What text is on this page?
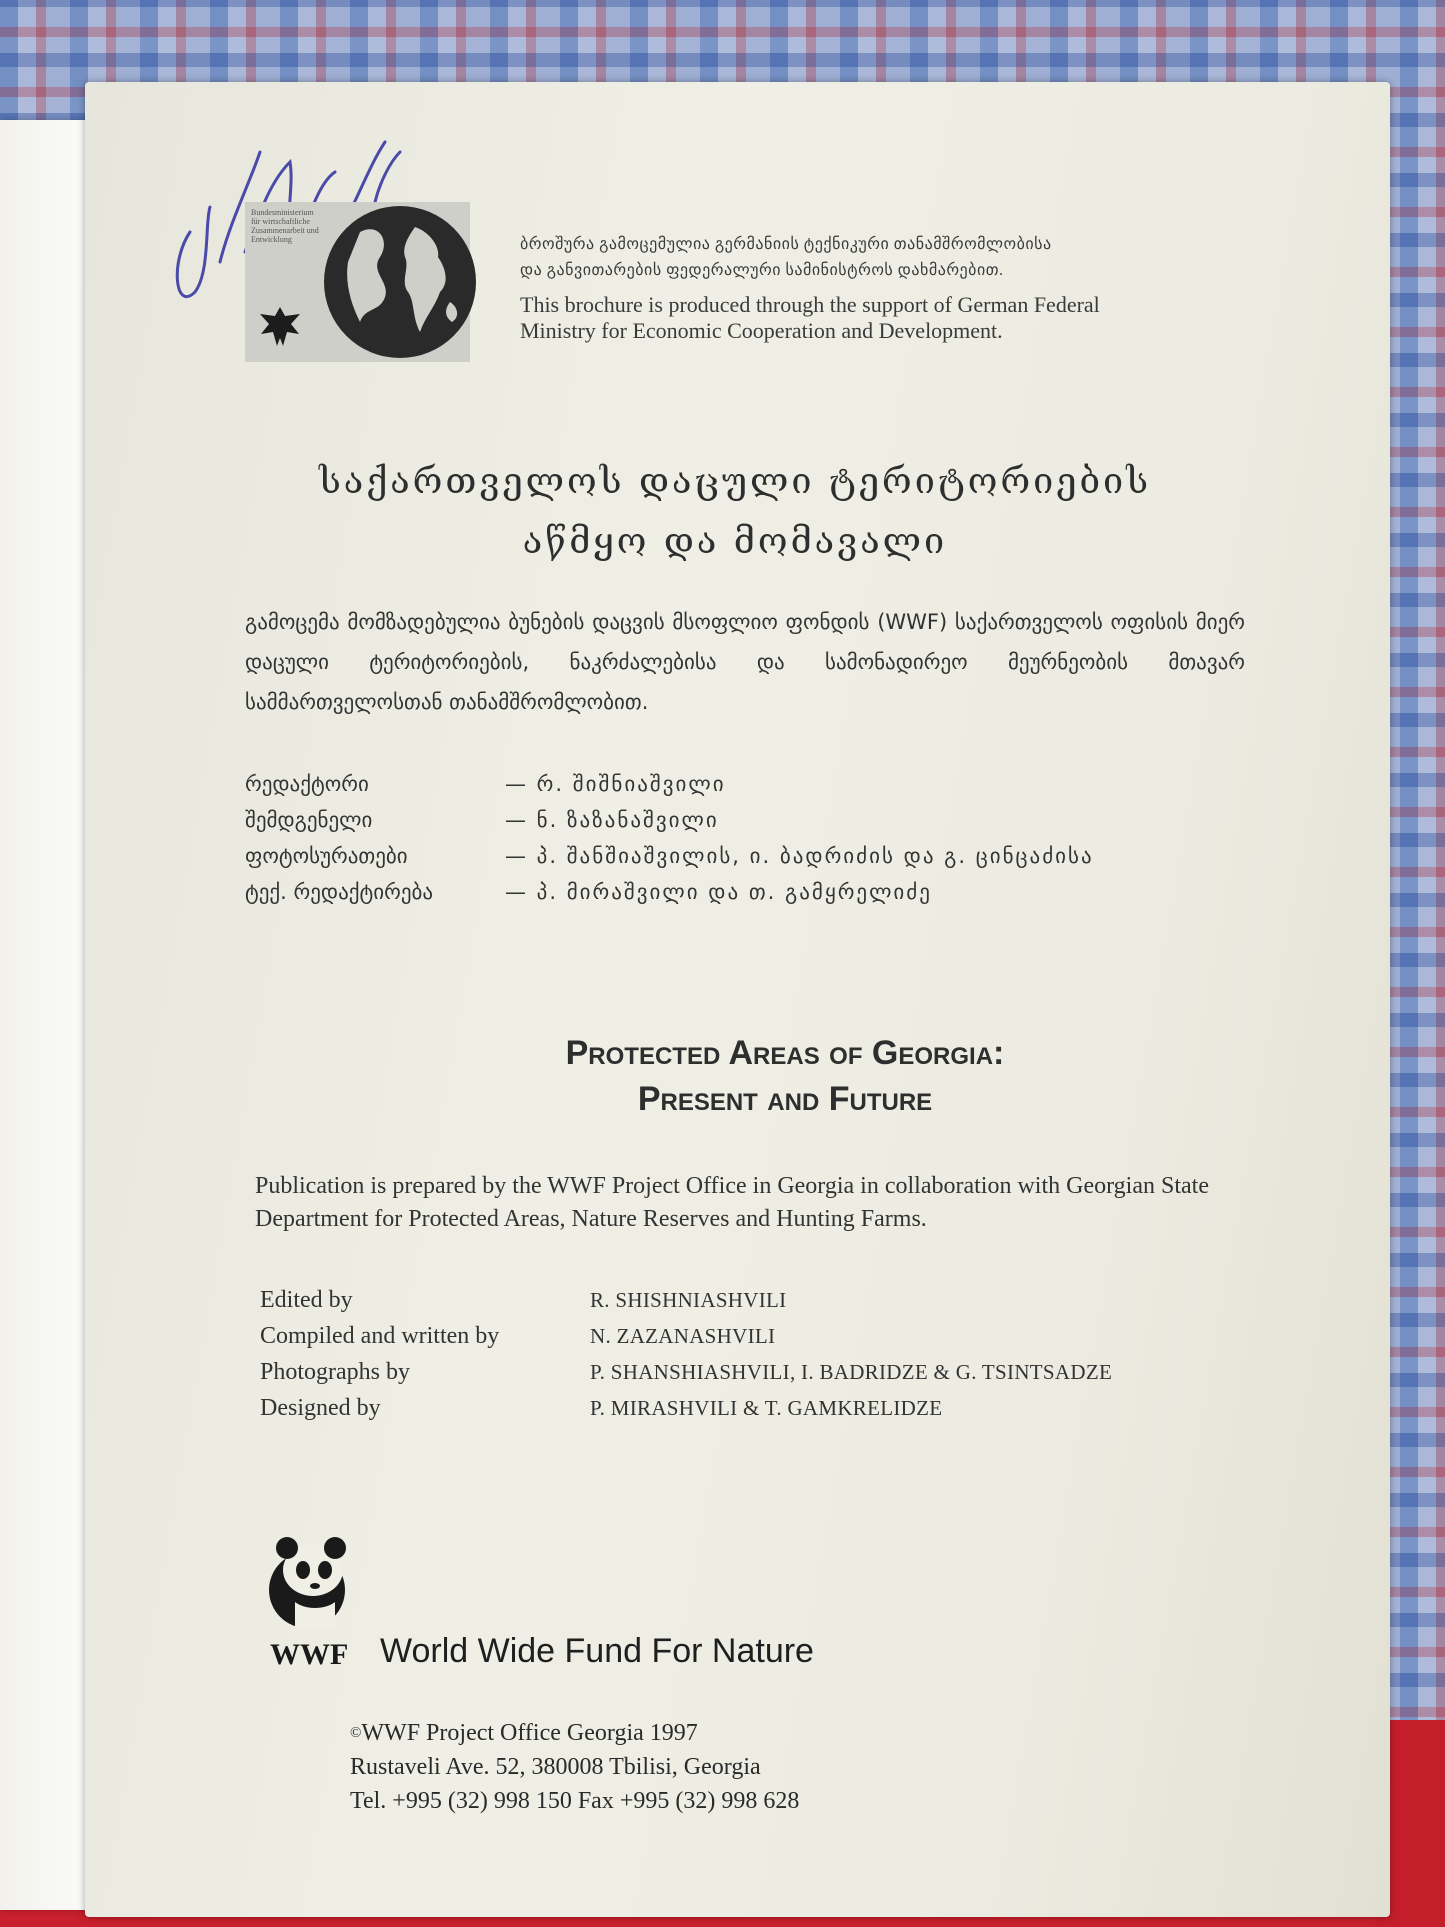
Bundesministerium für wirtschaftliche Zusammenarbeit und Entwicklung	ბროშურა გამოცემულია გერმანიის ტექნიკური თანამშრომლობისა
და განვითარების ფედერალური სამინისტროს დახმარებით.
This brochure is produced through the support of German Federal
Ministry for Economic Cooperation and Development.
საქართველოს დაცული ტერიტორიების
აწმყო და მომავალი
გამოცემა მომზადებულია ბუნების დაცვის მსოფლიო ფონდის (WWF) საქართველოს ოფისის მიერ დაცული ტერიტორიების, ნაკრძალებისა და სამონადირეო მეურნეობის მთავარ სამმართველოსთან თანამშრომლობით.
რედაქტორი	— რ. შიშნიაშვილი
შემდგენელი	— ნ. ზაზანაშვილი
ფოტოსურათები	— პ. შანშიაშვილის, ი. ბადრიძის და გ. ცინცაძისა
ტექ. რედაქტირება	— პ. მირაშვილი და თ. გამყრელიძე
Protected Areas of Georgia:
Present and Future
Publication is prepared by the WWF Project Office in Georgia in collaboration with Georgian State Department for Protected Areas, Nature Reserves and Hunting Farms.
Edited by	R. SHISHNIASHVILI
Compiled and written by	N. ZAZANASHVILI
Photographs by	P. SHANSHIASHVILI, I. BADRIDZE & G. TSINTSADZE
Designed by	P. MIRASHVILI & T. GAMKRELIDZE
WWF World Wide Fund For Nature
©WWF Project Office Georgia 1997
Rustaveli Ave. 52, 380008 Tbilisi, Georgia
Tel. +995 (32) 998 150 Fax +995 (32) 998 628
